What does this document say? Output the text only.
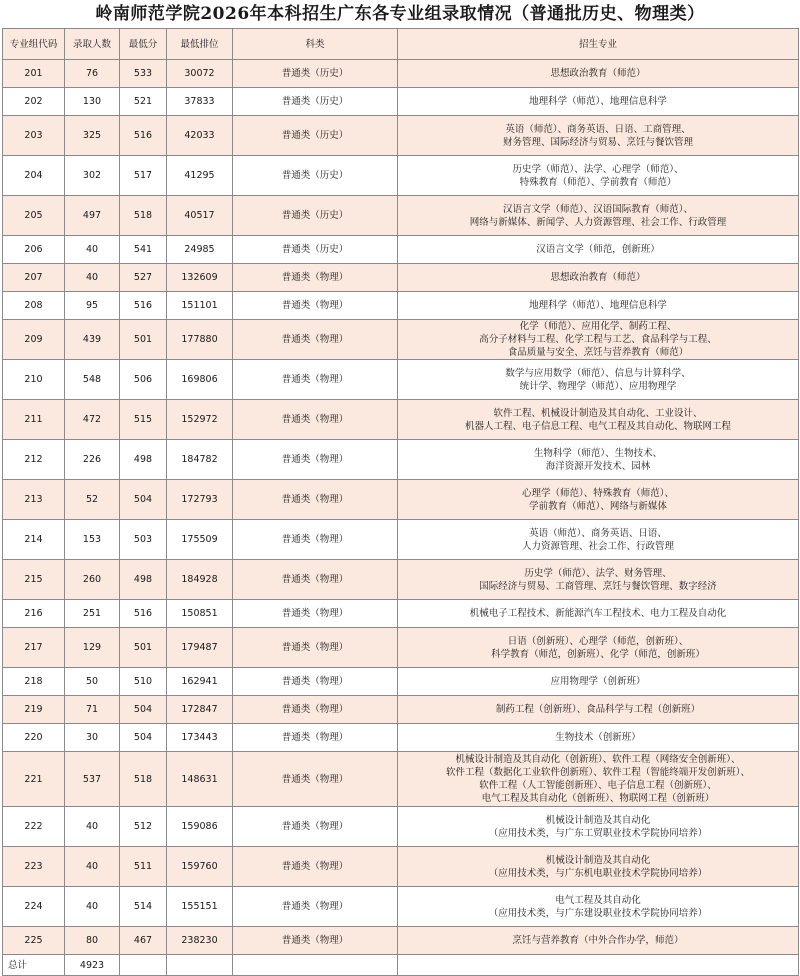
岭南师范学院2026年本科招生广东各专业组录取情况（普通批历史、物理类）
专业组代码	录取人数	最低分	最低排位	科类	招生专业
201	76	533	30072	普通类（历史）	思想政治教育（师范）
202	130	521	37833	普通类（历史）	地理科学（师范）、地理信息科学
203	325	516	42033	普通类（历史）	英语（师范）、商务英语、日语、工商管理、
财务管理、国际经济与贸易、烹饪与餐饮管理
204	302	517	41295	普通类（历史）	历史学（师范）、法学、心理学（师范）、
特殊教育（师范）、学前教育（师范）
205	497	518	40517	普通类（历史）	汉语言文学（师范）、汉语国际教育（师范）、
网络与新媒体、新闻学、人力资源管理、社会工作、行政管理
206	40	541	24985	普通类（历史）	汉语言文学（师范，创新班）
207	40	527	132609	普通类（物理）	思想政治教育（师范）
208	95	516	151101	普通类（物理）	地理科学（师范）、地理信息科学
209	439	501	177880	普通类（物理）	化学（师范）、应用化学、制药工程、
高分子材料与工程、化学工程与工艺、食品科学与工程、
食品质量与安全、烹饪与营养教育（师范）
210	548	506	169806	普通类（物理）	数学与应用数学（师范）、信息与计算科学、
统计学、物理学（师范）、应用物理学
211	472	515	152972	普通类（物理）	软件工程、机械设计制造及其自动化、工业设计、
机器人工程、电子信息工程、电气工程及其自动化、物联网工程
212	226	498	184782	普通类（物理）	生物科学（师范）、生物技术、
海洋资源开发技术、园林
213	52	504	172793	普通类（物理）	心理学（师范）、特殊教育（师范）、
学前教育（师范）、网络与新媒体
214	153	503	175509	普通类（物理）	英语（师范）、商务英语、日语、
人力资源管理、社会工作、行政管理
215	260	498	184928	普通类（物理）	历史学（师范）、法学、财务管理、
国际经济与贸易、工商管理、烹饪与餐饮管理、数字经济
216	251	516	150851	普通类（物理）	机械电子工程技术、新能源汽车工程技术、电力工程及自动化
217	129	501	179487	普通类（物理）	日语（创新班）、心理学（师范，创新班）、
科学教育（师范，创新班）、化学（师范，创新班）
218	50	510	162941	普通类（物理）	应用物理学（创新班）
219	71	504	172847	普通类（物理）	制药工程（创新班）、食品科学与工程（创新班）
220	30	504	173443	普通类（物理）	生物技术（创新班）
221	537	518	148631	普通类（物理）	机械设计制造及其自动化（创新班）、软件工程（网络安全创新班）、
软件工程（数据化工业软件创新班）、软件工程（智能终端开发创新班）、
软件工程（人工智能创新班）、电子信息工程（创新班）、
电气工程及其自动化（创新班）、物联网工程（创新班）
222	40	512	159086	普通类（物理）	机械设计制造及其自动化
（应用技术类，与广东工贸职业技术学院协同培养）
223	40	511	159760	普通类（物理）	机械设计制造及其自动化
（应用技术类，与广东机电职业技术学院协同培养）
224	40	514	155151	普通类（物理）	电气工程及其自动化
（应用技术类，与广东建设职业技术学院协同培养）
225	80	467	238230	普通类（物理）	烹饪与营养教育（中外合作办学，师范）
总计	4923				
